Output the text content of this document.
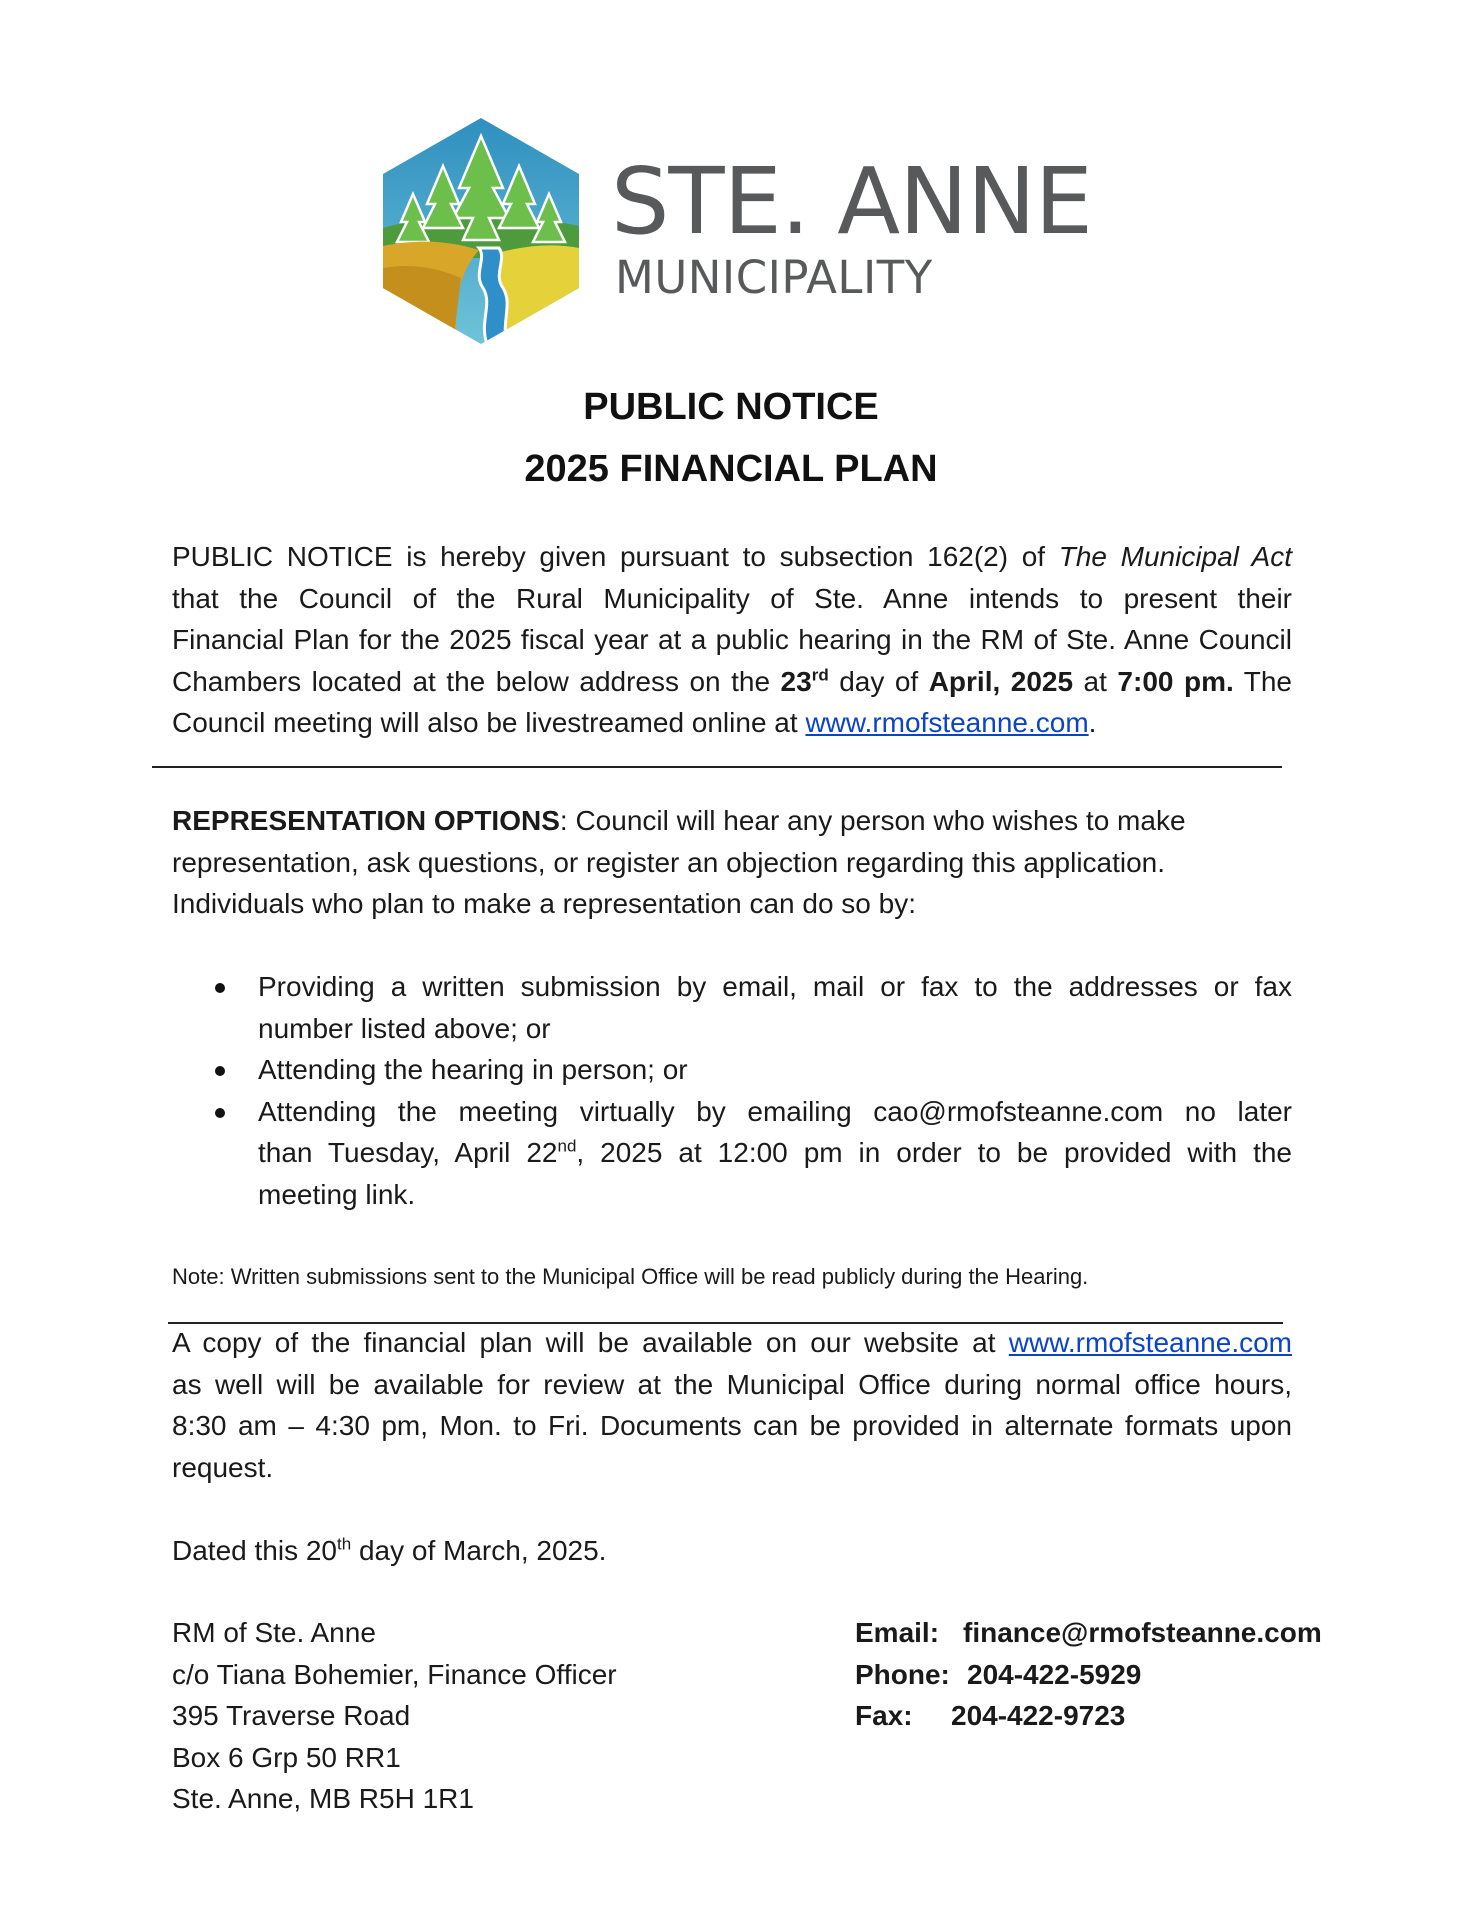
STE. ANNE
MUNICIPALITY
PUBLIC NOTICE
2025 FINANCIAL PLAN
PUBLIC NOTICE is hereby given pursuant to subsection 162(2) of The Municipal Act
that the Council of the Rural Municipality of Ste. Anne intends to present their
Financial Plan for the 2025 fiscal year at a public hearing in the RM of Ste. Anne Council
Chambers located at the below address on the 23rd day of April, 2025 at 7:00 pm. The
Council meeting will also be livestreamed online at www.rmofsteanne.com.
REPRESENTATION OPTIONS: Council will hear any person who wishes to make
representation, ask questions, or register an objection regarding this application.
Individuals who plan to make a representation can do so by:
Providing a written submission by email, mail or fax to the addresses or fax
number listed above; or
Attending the hearing in person; or
Attending the meeting virtually by emailing cao@rmofsteanne.com no later
than Tuesday, April 22nd, 2025 at 12:00 pm in order to be provided with the
meeting link.
Note: Written submissions sent to the Municipal Office will be read publicly during the Hearing.
A copy of the financial plan will be available on our website at www.rmofsteanne.com
as well will be available for review at the Municipal Office during normal office hours,
8:30 am – 4:30 pm, Mon. to Fri. Documents can be provided in alternate formats upon
request.
Dated this 20th day of March, 2025.
RM of Ste. Anne
c/o Tiana Bohemier, Finance Officer
395 Traverse Road
Box 6 Grp 50 RR1
Ste. Anne, MB R5H 1R1
Email: finance@rmofsteanne.com
Phone: 204-422-5929
Fax: 204-422-9723
